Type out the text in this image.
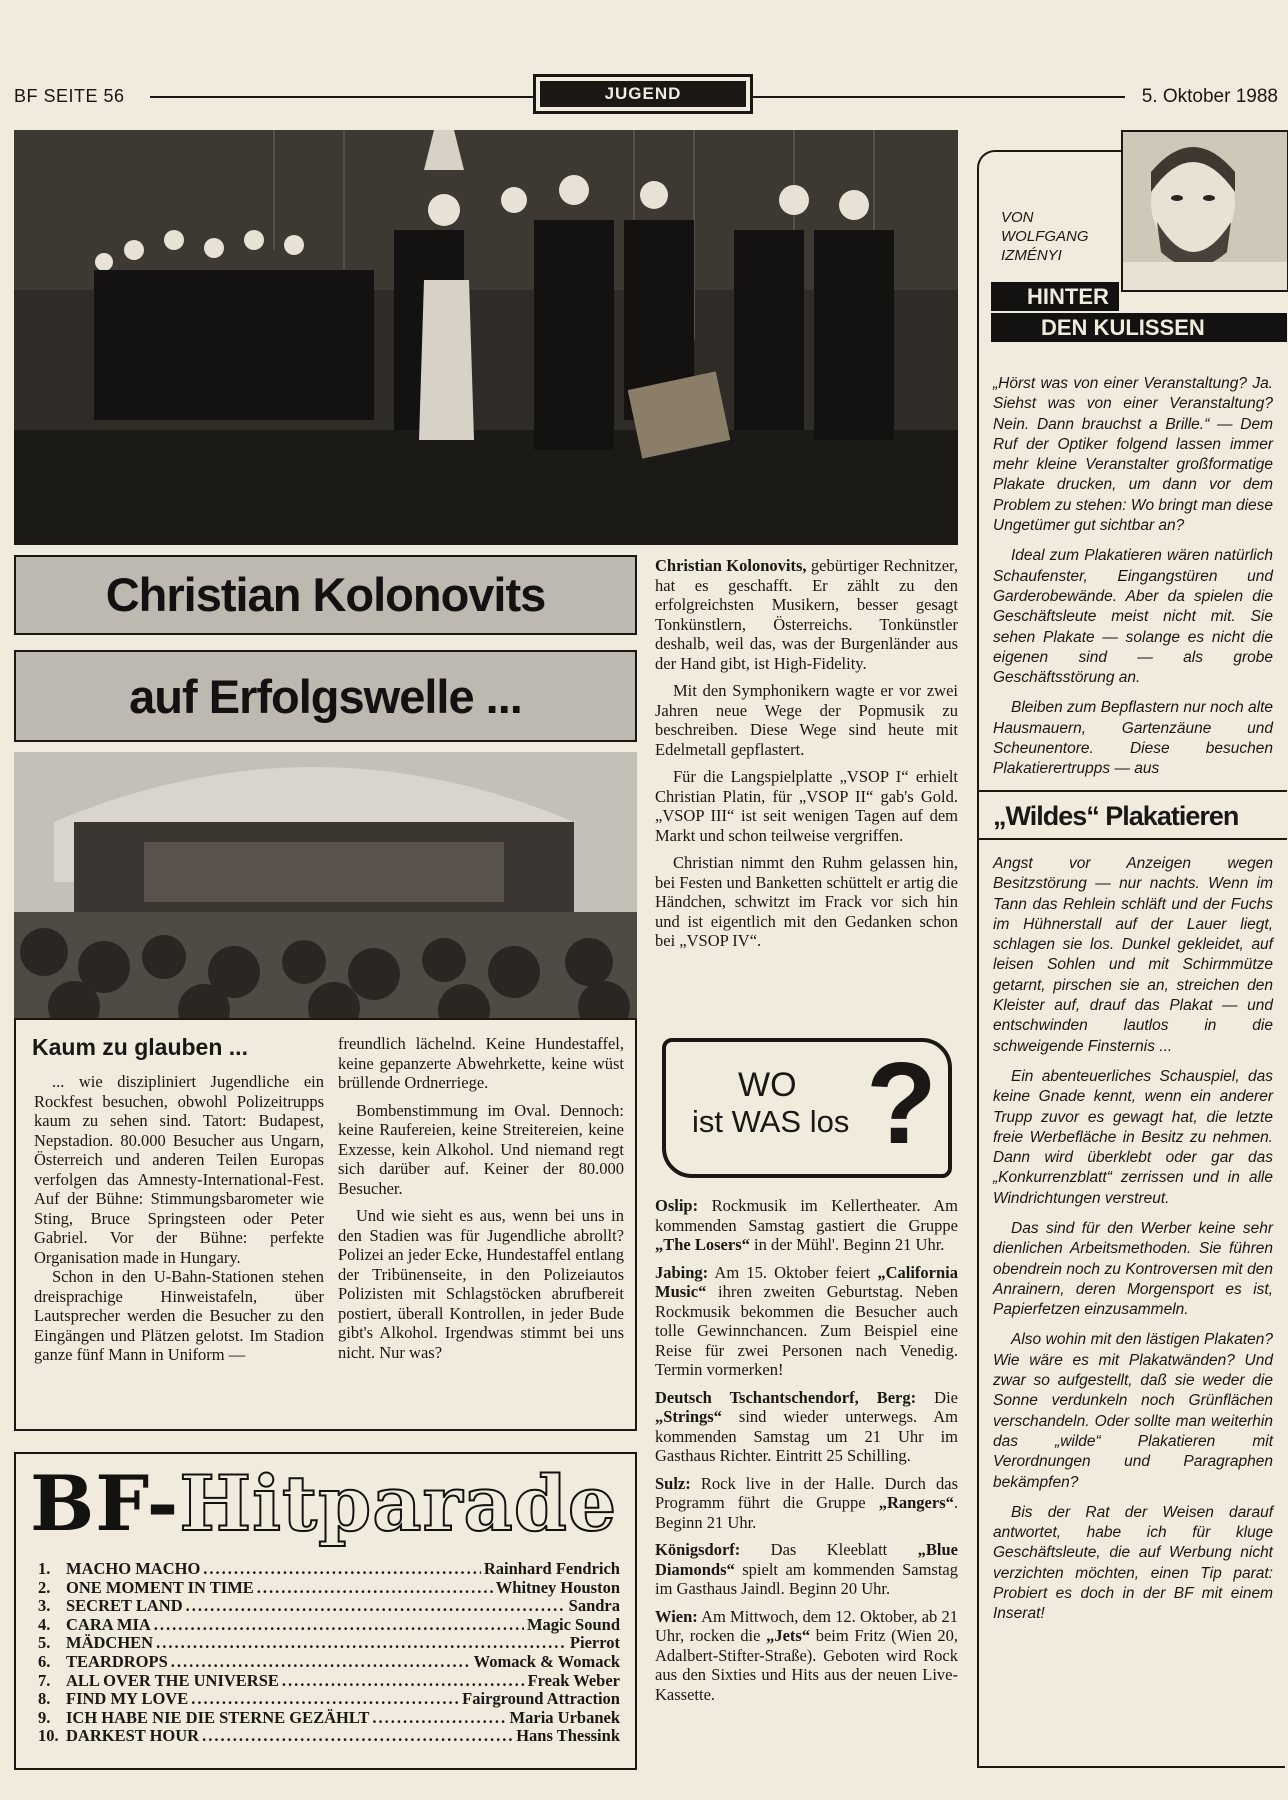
BF SEITE 56	JUGEND	5. Oktober 1988
Christian Kolonovits
auf Erfolgswelle ...

Christian Kolonovits, gebürtiger Rechnitzer, hat es geschafft. Er zählt zu den erfolgreichsten Musikern, besser gesagt Tonkünstlern, Österreichs. Tonkünstler deshalb, weil das, was der Burgenländer aus der Hand gibt, ist High-Fidelity.

Mit den Symphonikern wagte er vor zwei Jahren neue Wege der Popmusik zu beschreiben. Diese Wege sind heute mit Edelmetall gepflastert.

Für die Langspielplatte „VSOP I“ erhielt Christian Platin, für „VSOP II“ gab's Gold. „VSOP III“ ist seit wenigen Tagen auf dem Markt und schon teilweise vergriffen.

Christian nimmt den Ruhm gelassen hin, bei Festen und Banketten schüttelt er artig die Händchen, schwitzt im Frack vor sich hin und ist eigentlich mit den Gedanken schon bei „VSOP IV“.

Kaum zu glauben ...

... wie diszipliniert Jugendliche ein Rockfest besuchen, obwohl Polizeitrupps kaum zu sehen sind. Tatort: Budapest, Nepstadion. 80.000 Besucher aus Ungarn, Österreich und anderen Teilen Europas verfolgen das Amnesty-International-Fest. Auf der Bühne: Stimmungsbarometer wie Sting, Bruce Springsteen oder Peter Gabriel. Vor der Bühne: perfekte Organisation made in Hungary.

Schon in den U-Bahn-Stationen stehen dreisprachige Hinweistafeln, über Lautsprecher werden die Besucher zu den Eingängen und Plätzen gelotst. Im Stadion ganze fünf Mann in Uniform —

freundlich lächelnd. Keine Hundestaffel, keine gepanzerte Abwehrkette, keine wüst brüllende Ordnerriege.

Bombenstimmung im Oval. Dennoch: keine Raufereien, keine Streitereien, keine Exzesse, kein Alkohol. Und niemand regt sich darüber auf. Keiner der 80.000 Besucher.

Und wie sieht es aus, wenn bei uns in den Stadien was für Jugendliche abrollt? Polizei an jeder Ecke, Hundestaffel entlang der Tribünenseite, in den Polizeiautos Polizisten mit Schlagstöcken abrufbereit postiert, überall Kontrollen, in jeder Bude gibt's Alkohol. Irgendwas stimmt bei uns nicht. Nur was?

WO
ist WAS los ?

Oslip: Rockmusik im Kellertheater. Am kommenden Samstag gastiert die Gruppe „The Losers“ in der Mühl'. Beginn 21 Uhr.

Jabing: Am 15. Oktober feiert „California Music“ ihren zweiten Geburtstag. Neben Rockmusik bekommen die Besucher auch tolle Gewinnchancen. Zum Beispiel eine Reise für zwei Personen nach Venedig. Termin vormerken!

Deutsch Tschantschendorf, Berg: Die „Strings“ sind wieder unterwegs. Am kommenden Samstag um 21 Uhr im Gasthaus Richter. Eintritt 25 Schilling.

Sulz: Rock live in der Halle. Durch das Programm führt die Gruppe „Rangers“. Beginn 21 Uhr.

Königsdorf: Das Kleeblatt „Blue Diamonds“ spielt am kommenden Samstag im Gasthaus Jaindl. Beginn 20 Uhr.

Wien: Am Mittwoch, dem 12. Oktober, ab 21 Uhr, rocken die „Jets“ beim Fritz (Wien 20, Adalbert-Stifter-Straße). Geboten wird Rock aus den Sixties und Hits aus der neuen Live-Kassette.

BF-Hitparade
1. MACHO MACHO .....	Rainhard Fendrich
2. ONE MOMENT IN TIME .....	Whitney Houston
3. SECRET LAND .....	Sandra
4. CARA MIA .....	Magic Sound
5. MÄDCHEN .....	Pierrot
6. TEARDROPS .....	Womack & Womack
7. ALL OVER THE UNIVERSE .....	Freak Weber
8. FIND MY LOVE .....	Fairground Attraction
9. ICH HABE NIE DIE STERNE GEZÄHLT .....	Maria Urbanek
10. DARKEST HOUR .....	Hans Thessink
VON
WOLFGANG
IZMÉNYI
HINTER
DEN KULISSEN

„Hörst was von einer Veranstaltung? Ja. Siehst was von einer Veranstaltung? Nein. Dann brauchst a Brille.“ — Dem Ruf der Optiker folgend lassen immer mehr kleine Veranstalter großformatige Plakate drucken, um dann vor dem Problem zu stehen: Wo bringt man diese Ungetümer gut sichtbar an?

Ideal zum Plakatieren wären natürlich Schaufenster, Eingangstüren und Garderobewände. Aber da spielen die Geschäftsleute meist nicht mit. Sie sehen Plakate — solange es nicht die eigenen sind — als grobe Geschäftsstörung an.

Bleiben zum Bepflastern nur noch alte Hausmauern, Gartenzäune und Scheunentore. Diese besuchen Plakatierertrupps — aus

„Wildes“ Plakatieren

Angst vor Anzeigen wegen Besitzstörung — nur nachts. Wenn im Tann das Rehlein schläft und der Fuchs im Hühnerstall auf der Lauer liegt, schlagen sie los. Dunkel gekleidet, auf leisen Sohlen und mit Schirmmütze getarnt, pirschen sie an, streichen den Kleister auf, drauf das Plakat — und entschwinden lautlos in die schweigende Finsternis ...

Ein abenteuerliches Schauspiel, das keine Gnade kennt, wenn ein anderer Trupp zuvor es gewagt hat, die letzte freie Werbefläche in Besitz zu nehmen. Dann wird überklebt oder gar das „Konkurrenzblatt“ zerrissen und in alle Windrichtungen verstreut.

Das sind für den Werber keine sehr dienlichen Arbeitsmethoden. Sie führen obendrein noch zu Kontroversen mit den Anrainern, deren Morgensport es ist, Papierfetzen einzusammeln.

Also wohin mit den lästigen Plakaten? Wie wäre es mit Plakatwänden? Und zwar so aufgestellt, daß sie weder die Sonne verdunkeln noch Grünflächen verschandeln. Oder sollte man weiterhin das „wilde“ Plakatieren mit Verordnungen und Paragraphen bekämpfen?

Bis der Rat der Weisen darauf antwortet, habe ich für kluge Geschäftsleute, die auf Werbung nicht verzichten möchten, einen Tip parat: Probiert es doch in der BF mit einem Inserat!
